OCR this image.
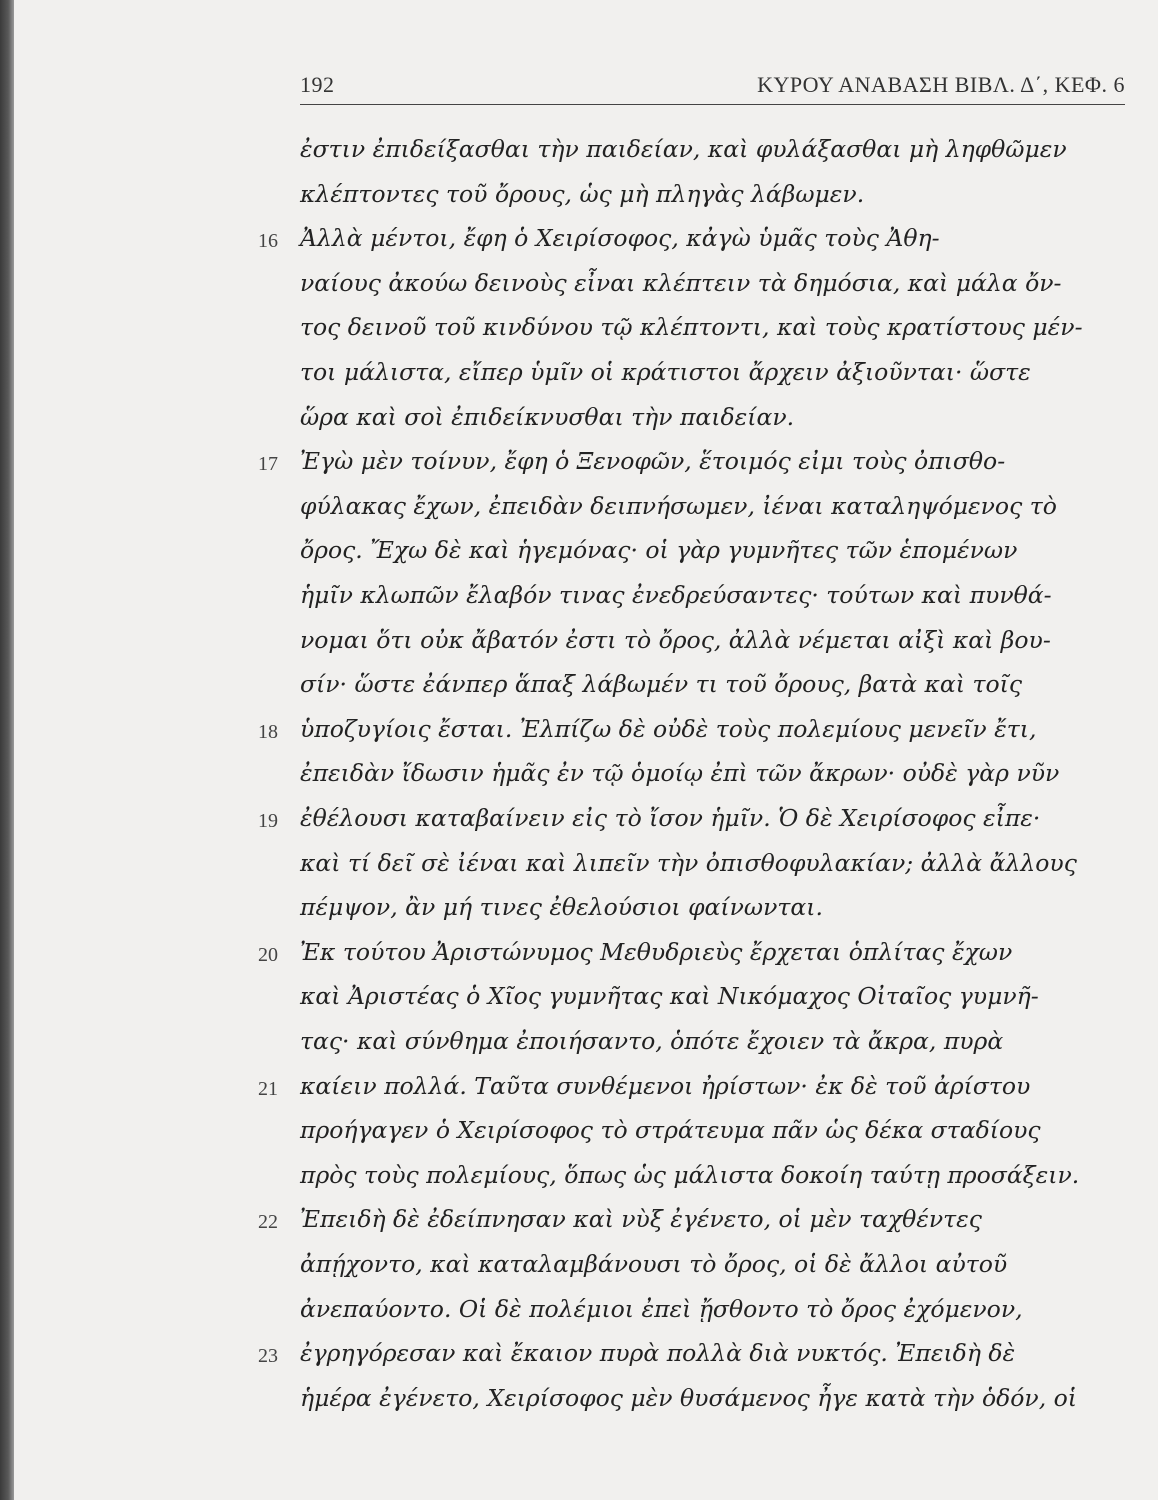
192	ΚΥΡΟΥ ΑΝΑΒΑΣΗ ΒΙΒΛ. Δ΄, ΚΕΦ. 6
ἐστιν ἐπιδείξασθαι τὴν παιδείαν, καὶ φυλάξασθαι μὴ ληφθῶμεν
κλέπτοντες τοῦ ὄρους, ὡς μὴ πληγὰς λάβωμεν.
16 Ἀλλὰ μέντοι, ἔφη ὁ Χειρίσοφος, κἀγὼ ὑμᾶς τοὺς Ἀθη-
ναίους ἀκούω δεινοὺς εἶναι κλέπτειν τὰ δημόσια, καὶ μάλα ὄν-
τος δεινοῦ τοῦ κινδύνου τῷ κλέπτοντι, καὶ τοὺς κρατίστους μέν-
τοι μάλιστα, εἴπερ ὑμῖν οἱ κράτιστοι ἄρχειν ἀξιοῦνται· ὥστε
ὥρα καὶ σοὶ ἐπιδείκνυσθαι τὴν παιδείαν.
17 Ἐγὼ μὲν τοίνυν, ἔφη ὁ Ξενοφῶν, ἕτοιμός εἰμι τοὺς ὀπισθο-
φύλακας ἔχων, ἐπειδὰν δειπνήσωμεν, ἰέναι καταληψόμενος τὸ
ὄρος. Ἔχω δὲ καὶ ἡγεμόνας· οἱ γὰρ γυμνῆτες τῶν ἑπομένων
ἡμῖν κλωπῶν ἔλαβόν τινας ἐνεδρεύσαντες· τούτων καὶ πυνθά-
νομαι ὅτι οὐκ ἄβατόν ἐστι τὸ ὄρος, ἀλλὰ νέμεται αἰξὶ καὶ βου-
σίν· ὥστε ἐάνπερ ἅπαξ λάβωμέν τι τοῦ ὄρους, βατὰ καὶ τοῖς
18 ὑποζυγίοις ἔσται. Ἐλπίζω δὲ οὐδὲ τοὺς πολεμίους μενεῖν ἔτι,
ἐπειδὰν ἴδωσιν ἡμᾶς ἐν τῷ ὁμοίῳ ἐπὶ τῶν ἄκρων· οὐδὲ γὰρ νῦν
19 ἐθέλουσι καταβαίνειν εἰς τὸ ἴσον ἡμῖν. Ὁ δὲ Χειρίσοφος εἶπε·
καὶ τί δεῖ σὲ ἰέναι καὶ λιπεῖν τὴν ὀπισθοφυλακίαν; ἀλλὰ ἄλλους
πέμψον, ἂν μή τινες ἐθελούσιοι φαίνωνται.
20 Ἐκ τούτου Ἀριστώνυμος Μεθυδριεὺς ἔρχεται ὁπλίτας ἔχων
καὶ Ἀριστέας ὁ Χῖος γυμνῆτας καὶ Νικόμαχος Οἰταῖος γυμνῆ-
τας· καὶ σύνθημα ἐποιήσαντο, ὁπότε ἔχοιεν τὰ ἄκρα, πυρὰ
21 καίειν πολλά. Ταῦτα συνθέμενοι ἠρίστων· ἐκ δὲ τοῦ ἀρίστου
προήγαγεν ὁ Χειρίσοφος τὸ στράτευμα πᾶν ὡς δέκα σταδίους
πρὸς τοὺς πολεμίους, ὅπως ὡς μάλιστα δοκοίη ταύτῃ προσάξειν.
22 Ἐπειδὴ δὲ ἐδείπνησαν καὶ νὺξ ἐγένετο, οἱ μὲν ταχθέντες
ἀπῄχοντο, καὶ καταλαμβάνουσι τὸ ὄρος, οἱ δὲ ἄλλοι αὐτοῦ
ἀνεπαύοντο. Οἱ δὲ πολέμιοι ἐπεὶ ᾔσθοντο τὸ ὄρος ἐχόμενον,
23 ἐγρηγόρεσαν καὶ ἔκαιον πυρὰ πολλὰ διὰ νυκτός. Ἐπειδὴ δὲ
ἡμέρα ἐγένετο, Χειρίσοφος μὲν θυσάμενος ἦγε κατὰ τὴν ὁδόν, οἱ
